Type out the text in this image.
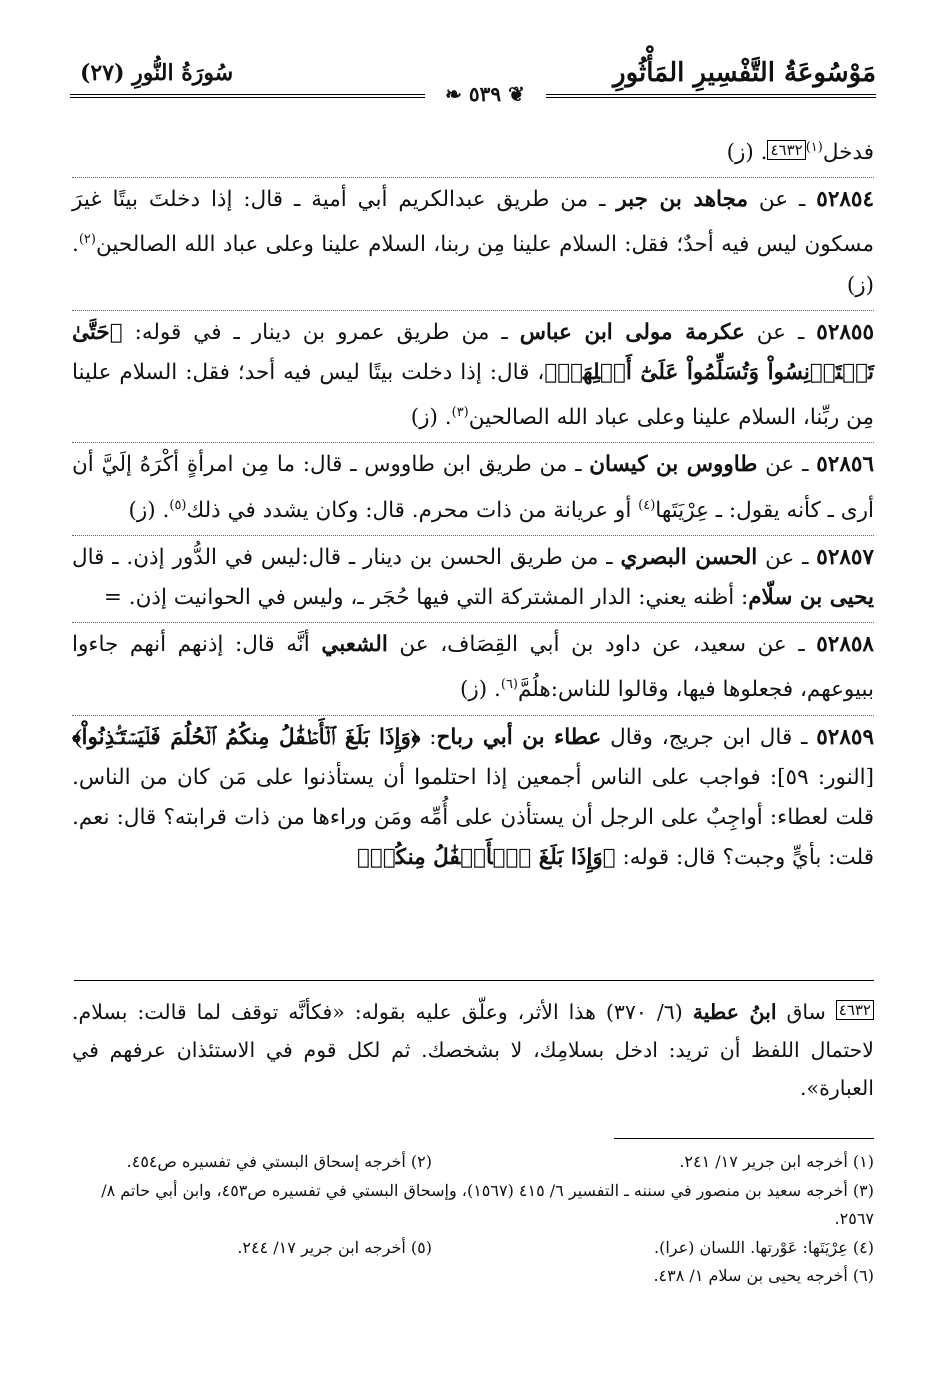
مَوْسُوعَةُ التَّفْسِيرِ المَأْثُورِ
سُورَةُ النُّورِ (٢٧)
❦ ٥٣٩ ❧

فدخل$^{(١)}$٤٦٣٢. (ز)

٥٢٨٥٤ ـ عن مجاهد بن جبر ـ من طريق عبدالكريم أبي أمية ـ قال: إذا دخلتَ بيتًا غيرَ مسكون ليس فيه أحدٌ؛ فقل: السلام علينا مِن ربنا، السلام علينا وعلى عباد الله الصالحين$^{(٢)}$. (ز)

٥٢٨٥٥ ـ عن عكرمة مولى ابن عباس ـ من طريق عمرو بن دينار ـ في قوله: ﴿حَتَّىٰ تَسۡتَأۡنِسُواْ وَتُسَلِّمُواْ عَلَىٰٓ أَهۡلِهَاۚ﴾، قال: إذا دخلت بيتًا ليس فيه أحد؛ فقل: السلام علينا مِن ربِّنا، السلام علينا وعلى عباد الله الصالحين$^{(٣)}$. (ز)

٥٢٨٥٦ ـ عن طاووس بن كيسان ـ من طريق ابن طاووس ـ قال: ما مِن امرأةٍ أكْرَهُ إلَيَّ أن أرى ـ كأنه يقول: ـ عِرْيَتَها$^{(٤)}$ أو عريانة من ذات محرم. قال: وكان يشدد في ذلك$^{(٥)}$. (ز)

٥٢٨٥٧ ـ عن الحسن البصري ـ من طريق الحسن بن دينار ـ قال:ليس في الدُّور إذن. ـ قال يحيى بن سلّام: أظنه يعني: الدار المشتركة التي فيها حُجَر ـ، وليس في الحوانيت إذن. =

٥٢٨٥٨ ـ عن سعيد، عن داود بن أبي القِصَاف، عن الشعبي أنَّه قال: إذنهم أنهم جاءوا ببيوعهم، فجعلوها فيها، وقالوا للناس:هلُمَّ$^{(٦)}$. (ز)

٥٢٨٥٩ ـ قال ابن جريج، وقال عطاء بن أبي رباح: ﴿وَإِذَا بَلَغَ ٱلۡأَطۡفَٰلُ مِنكُمُ ٱلۡحُلُمَ فَلۡيَسۡتَـٔۡذِنُواْ﴾ [النور: ٥٩]: فواجب على الناس أجمعين إذا احتلموا أن يستأذنوا على مَن كان من الناس. قلت لعطاء: أواجِبٌ على الرجل أن يستأذن على أُمِّه ومَن وراءها من ذات قرابته؟ قال: نعم. قلت: بأيٍّ وجبت؟ قال: قوله: ﴿وَإِذَا بَلَغَ ٱلۡأَطۡفَٰلُ مِنكُمۡ﴾

٤٦٣٢ ساق ابنُ عطية (٦/ ٣٧٠) هذا الأثر، وعلّق عليه بقوله: «فكأنَّه توقف لما قالت: بسلام. لاحتمال اللفظ أن تريد: ادخل بسلامِك، لا بشخصك. ثم لكل قوم في الاستئذان عرفهم في العبارة».
(١) أخرجه ابن جرير ١٧/ ٢٤١.
(٢) أخرجه إسحاق البستي في تفسيره ص٤٥٤.
(٣) أخرجه سعيد بن منصور في سننه ـ التفسير ٦/ ٤١٥ (١٥٦٧)، وإسحاق البستي في تفسيره ص٤٥٣، وابن أبي حاتم ٨/ ٢٥٦٧.
(٤) عِرْيَتَها: عَوْرتها. اللسان (عرا).
(٥) أخرجه ابن جرير ١٧/ ٢٤٤.
(٦) أخرجه يحيى بن سلام ١/ ٤٣٨.
